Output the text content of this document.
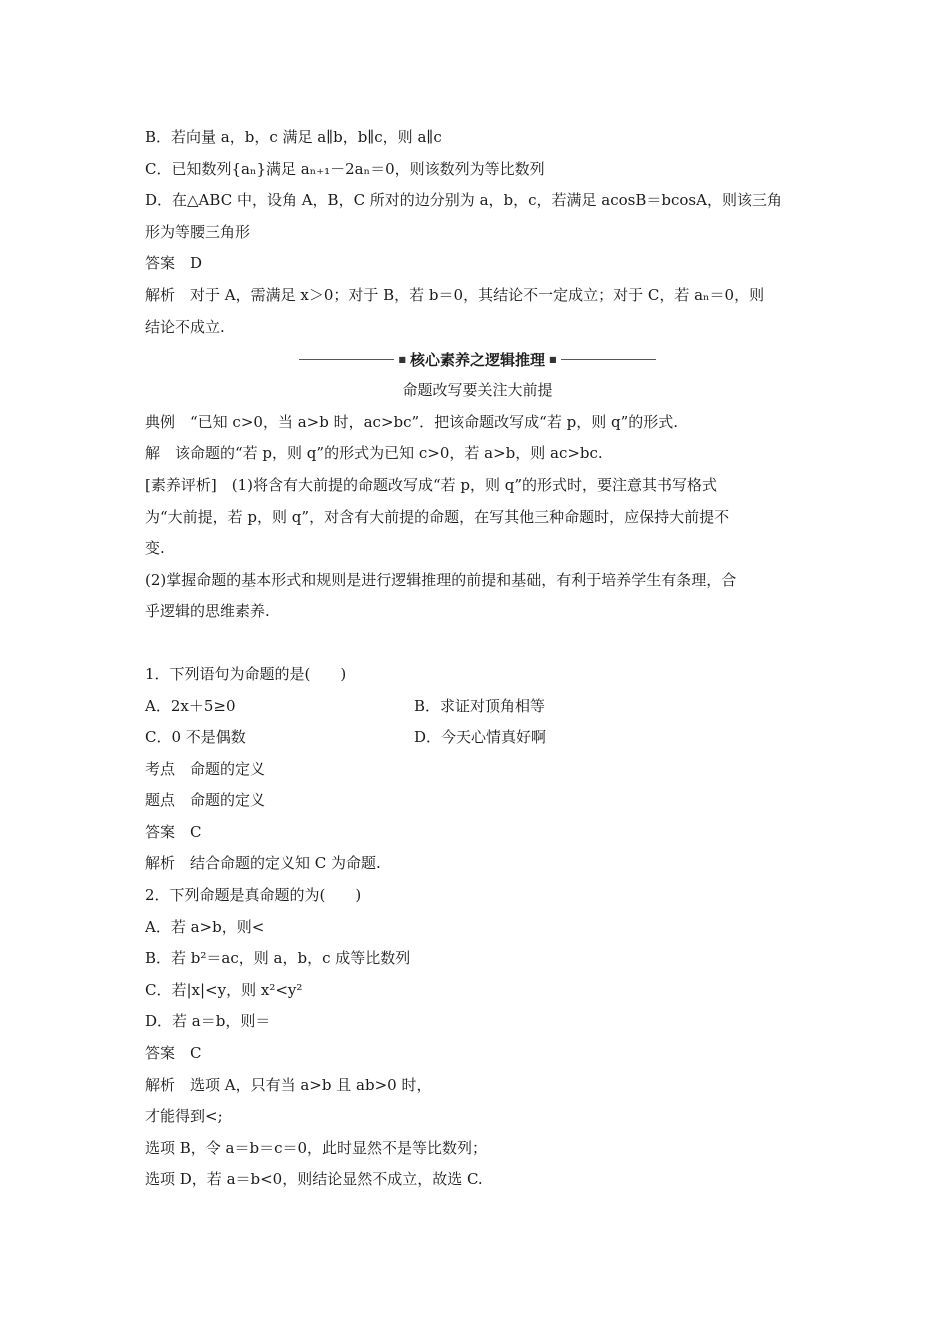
B．若向量 a，b，c 满足 a∥b，b∥c，则 a∥c
C．已知数列{aₙ}满足 aₙ₊₁－2aₙ＝0，则该数列为等比数列
D．在△ABC 中，设角 A，B，C 所对的边分别为 a，b，c，若满足 acosB＝bcosA，则该三角
形为等腰三角形
答案　D
解析　对于 A，需满足 x＞0；对于 B，若 b＝0，其结论不一定成立；对于 C，若 aₙ＝0，则
结论不成立.
■ 核心素养之逻辑推理 ■
命题改写要关注大前提
典例　“已知 c>0，当 a>b 时，ac>bc”．把该命题改写成“若 p，则 q”的形式.
解　该命题的“若 p，则 q”的形式为已知 c>0，若 a>b，则 ac>bc.
[素养评析]　(1)将含有大前提的命题改写成“若 p，则 q”的形式时，要注意其书写格式
为“大前提，若 p，则 q”，对含有大前提的命题，在写其他三种命题时，应保持大前提不
变.
(2)掌握命题的基本形式和规则是进行逻辑推理的前提和基础，有利于培养学生有条理，合
乎逻辑的思维素养.
1．下列语句为命题的是(　　)
A．2x＋5≥0	B．求证对顶角相等
C．0 不是偶数	D．今天心情真好啊
考点　命题的定义
题点　命题的定义
答案　C
解析　结合命题的定义知 C 为命题.
2．下列命题是真命题的为(　　)
A．若 a>b，则<
B．若 b²＝ac，则 a，b，c 成等比数列
C．若|x|<y，则 x²<y²
D．若 a＝b，则＝
答案　C
解析　选项 A，只有当 a>b 且 ab>0 时，
才能得到<;
选项 B，令 a＝b＝c＝0，此时显然不是等比数列；
选项 D，若 a＝b<0，则结论显然不成立，故选 C.
